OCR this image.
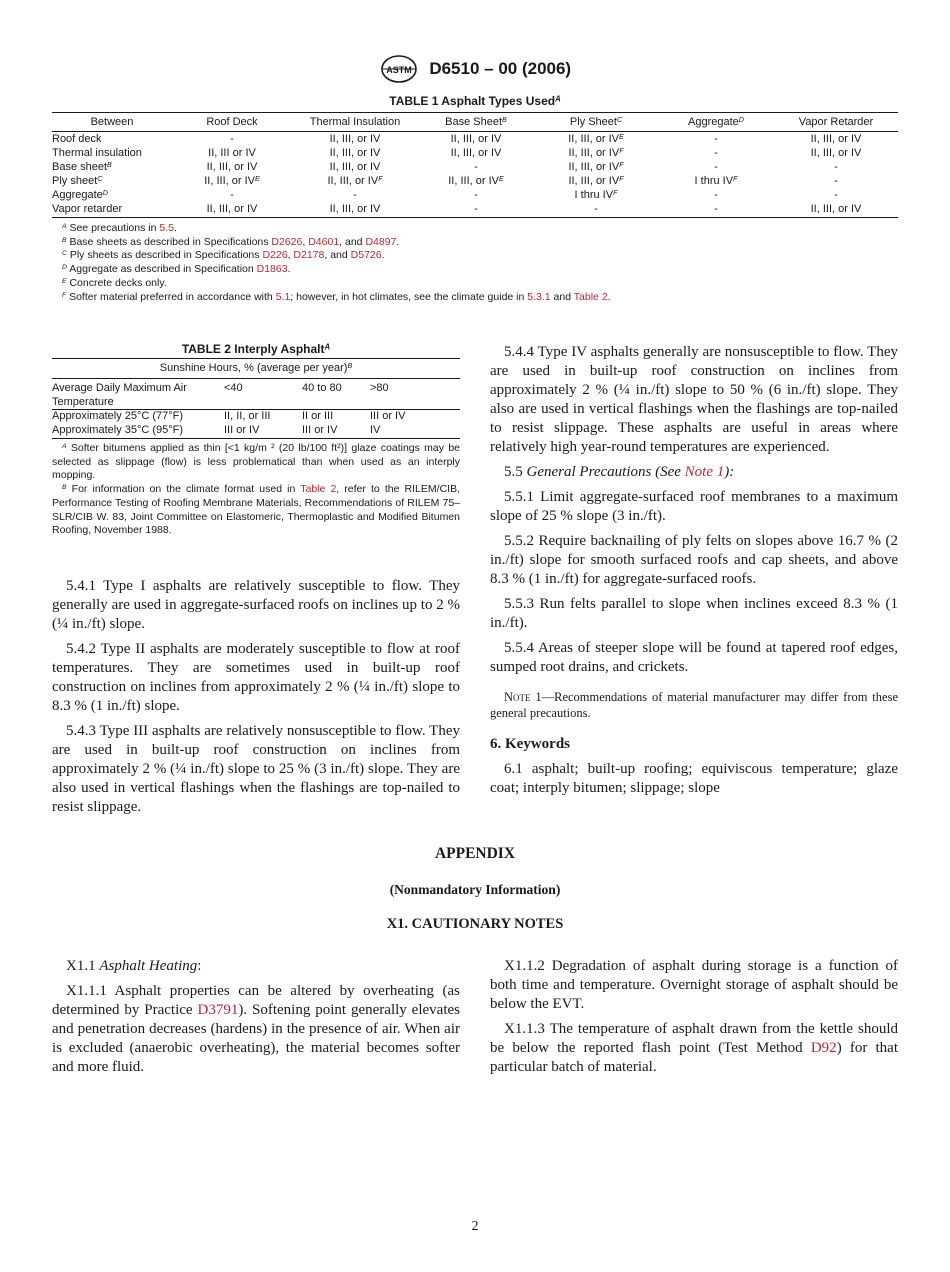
ASTM D6510 – 00 (2006)
TABLE 1 Asphalt Types Used$^A$
Between	Roof Deck	Thermal Insulation	Base Sheet$^B$	Ply Sheet$^C$	Aggregate$^D$	Vapor Retarder
Roof deck	-	II, III, or IV	II, III, or IV	II, III, or $IV^E$	-	II, III, or IV
Thermal insulation	II, III or IV	II, III, or IV	II, III, or IV	II, III, or $IV^F$	-	II, III, or IV
Base sheet$^B$	II, III, or IV	II, III, or IV	-	II, III, or $IV^F$	-	-
Ply sheet$^C$	II, III, or $IV^E$	II, III, or $IV^F$	II, III, or $IV^E$	II, III, or $IV^F$	I thru $IV^F$	-
Aggregate$^D$	-	-	-	I thru $IV^F$	-	-
Vapor retarder	II, III, or IV	II, III, or IV	-	-	-	II, III, or IV
$^A$ See precautions in 5.5.
$^B$ Base sheets as described in Specifications D2626, D4601, and D4897.
$^C$ Ply sheets as described in Specifications D226, D2178, and D5726.
$^D$ Aggregate as described in Specification D1863.
$^E$ Concrete decks only.
$^F$ Softer material preferred in accordance with 5.1; however, in hot climates, see the climate guide in 5.3.1 and Table 2.
TABLE 2 Interply Asphalt$^A$
Sunshine Hours, % (average per year)$^B$
Average Daily Maximum Air Temperature	<40	40 to 80	>80
Approximately 25°C (77°F)	II, II, or III	II or III	III or IV
Approximately 35°C (95°F)	III or IV	III or IV	IV

$^A$ Softer bitumens applied as thin [<1 kg/m ² (20 lb/100 ft²)] glaze coatings may be selected as slippage (flow) is less problematical than when used as an interply mopping.

$^B$ For information on the climate format used in Table 2, refer to the RILEM/CIB, Performance Testing of Roofing Membrane Materials, Recommendations of RILEM 75–SLR/CIB W. 83, Joint Committee on Elastomeric, Thermoplastic and Modified Bitumen Roofing, November 1988.

5.4.1 Type I asphalts are relatively susceptible to flow. They generally are used in aggregate-surfaced roofs on inclines up to 2 % (¼ in./ft) slope.

5.4.2 Type II asphalts are moderately susceptible to flow at roof temperatures. They are sometimes used in built-up roof construction on inclines from approximately 2 % (¼ in./ft) slope to 8.3 % (1 in./ft) slope.

5.4.3 Type III asphalts are relatively nonsusceptible to flow. They are used in built-up roof construction on inclines from approximately 2 % (¼ in./ft) slope to 25 % (3 in./ft) slope. They are also used in vertical flashings when the flashings are top-nailed to resist slippage.

5.4.4 Type IV asphalts generally are nonsusceptible to flow. They are used in built-up roof construction on inclines from approximately 2 % (¼ in./ft) slope to 50 % (6 in./ft) slope. They also are used in vertical flashings when the flashings are top-nailed to resist slippage. These asphalts are useful in areas where relatively high year-round temperatures are experienced.

5.5 General Precautions (See Note 1):

5.5.1 Limit aggregate-surfaced roof membranes to a maximum slope of 25 % slope (3 in./ft).

5.5.2 Require backnailing of ply felts on slopes above 16.7 % (2 in./ft) slope for smooth surfaced roofs and cap sheets, and above 8.3 % (1 in./ft) for aggregate-surfaced roofs.

5.5.3 Run felts parallel to slope when inclines exceed 8.3 % (1 in./ft).

5.5.4 Areas of steeper slope will be found at tapered roof edges, sumped root drains, and crickets.

Note 1—Recommendations of material manufacturer may differ from these general precautions.

6. Keywords

6.1 asphalt; built-up roofing; equiviscous temperature; glaze coat; interply bitumen; slippage; slope

APPENDIX
(Nonmandatory Information)
X1. CAUTIONARY NOTES

X1.1 Asphalt Heating:

X1.1.1 Asphalt properties can be altered by overheating (as determined by Practice D3791). Softening point generally elevates and penetration decreases (hardens) in the presence of air. When air is excluded (anaerobic overheating), the material becomes softer and more fluid.

X1.1.2 Degradation of asphalt during storage is a function of both time and temperature. Overnight storage of asphalt should be below the EVT.

X1.1.3 The temperature of asphalt drawn from the kettle should be below the reported flash point (Test Method D92) for that particular batch of material.

2
